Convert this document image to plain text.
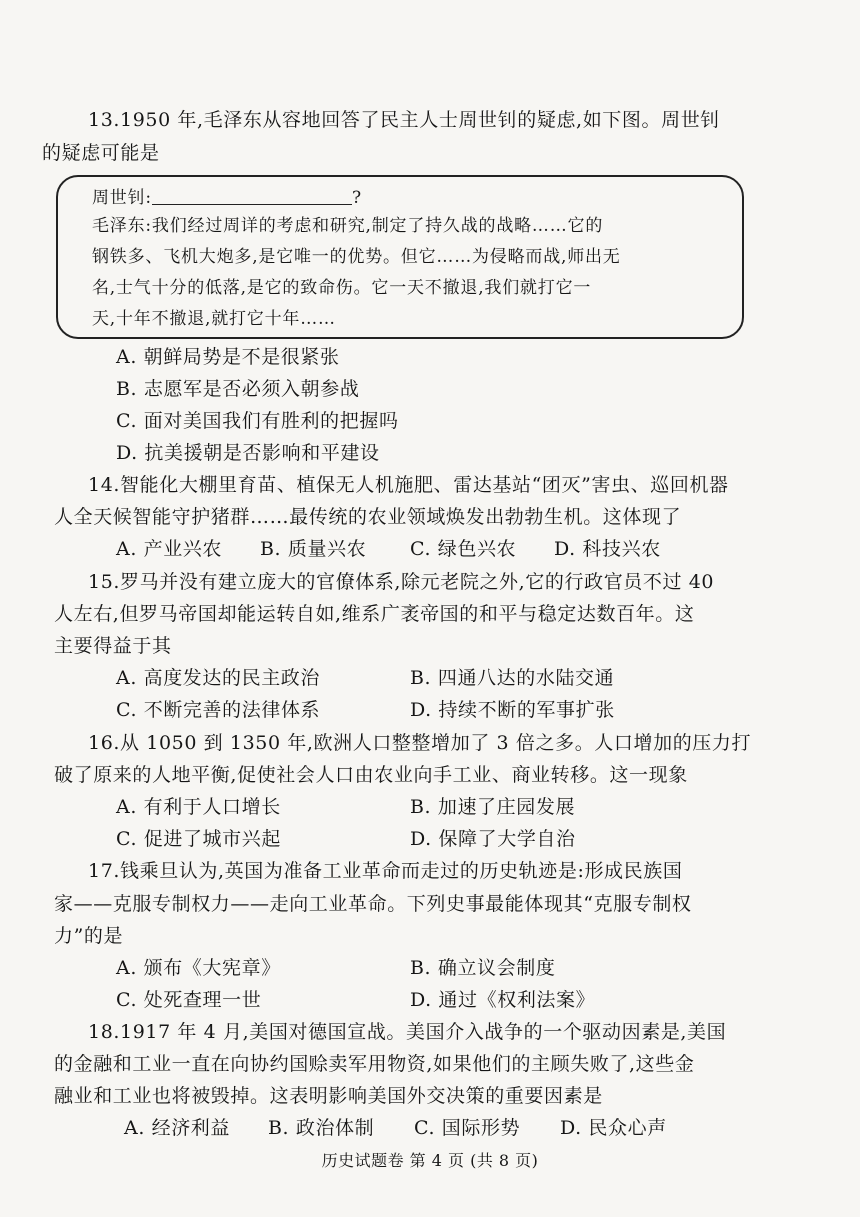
13.1950 年,毛泽东从容地回答了民主人士周世钊的疑虑,如下图。周世钊
的疑虑可能是
周世钊:	?
毛泽东:我们经过周详的考虑和研究,制定了持久战的战略……它的
钢铁多、飞机大炮多,是它唯一的优势。但它……为侵略而战,师出无
名,士气十分的低落,是它的致命伤。它一天不撤退,我们就打它一
天,十年不撤退,就打它十年……
A. 朝鲜局势是不是很紧张
B. 志愿军是否必须入朝参战
C. 面对美国我们有胜利的把握吗
D. 抗美援朝是否影响和平建设
14.智能化大棚里育苗、植保无人机施肥、雷达基站“团灭”害虫、巡回机器
人全天候智能守护猪群……最传统的农业领域焕发出勃勃生机。这体现了
A. 产业兴农 B. 质量兴农 C. 绿色兴农 D. 科技兴农
15.罗马并没有建立庞大的官僚体系,除元老院之外,它的行政官员不过 40
人左右,但罗马帝国却能运转自如,维系广袤帝国的和平与稳定达数百年。这
主要得益于其
A. 高度发达的民主政治	B. 四通八达的水陆交通
C. 不断完善的法律体系	D. 持续不断的军事扩张
16.从 1050 到 1350 年,欧洲人口整整增加了 3 倍之多。人口增加的压力打
破了原来的人地平衡,促使社会人口由农业向手工业、商业转移。这一现象
A. 有利于人口增长	B. 加速了庄园发展
C. 促进了城市兴起	D. 保障了大学自治
17.钱乘旦认为,英国为准备工业革命而走过的历史轨迹是:形成民族国
家——克服专制权力——走向工业革命。下列史事最能体现其“克服专制权
力”的是
A. 颁布《大宪章》	B. 确立议会制度
C. 处死查理一世	D. 通过《权利法案》
18.1917 年 4 月,美国对德国宣战。美国介入战争的一个驱动因素是,美国
的金融和工业一直在向协约国赊卖军用物资,如果他们的主顾失败了,这些金
融业和工业也将被毁掉。这表明影响美国外交决策的重要因素是
A. 经济利益 B. 政治体制 C. 国际形势 D. 民众心声
历史试题卷 第 4 页 (共 8 页)
